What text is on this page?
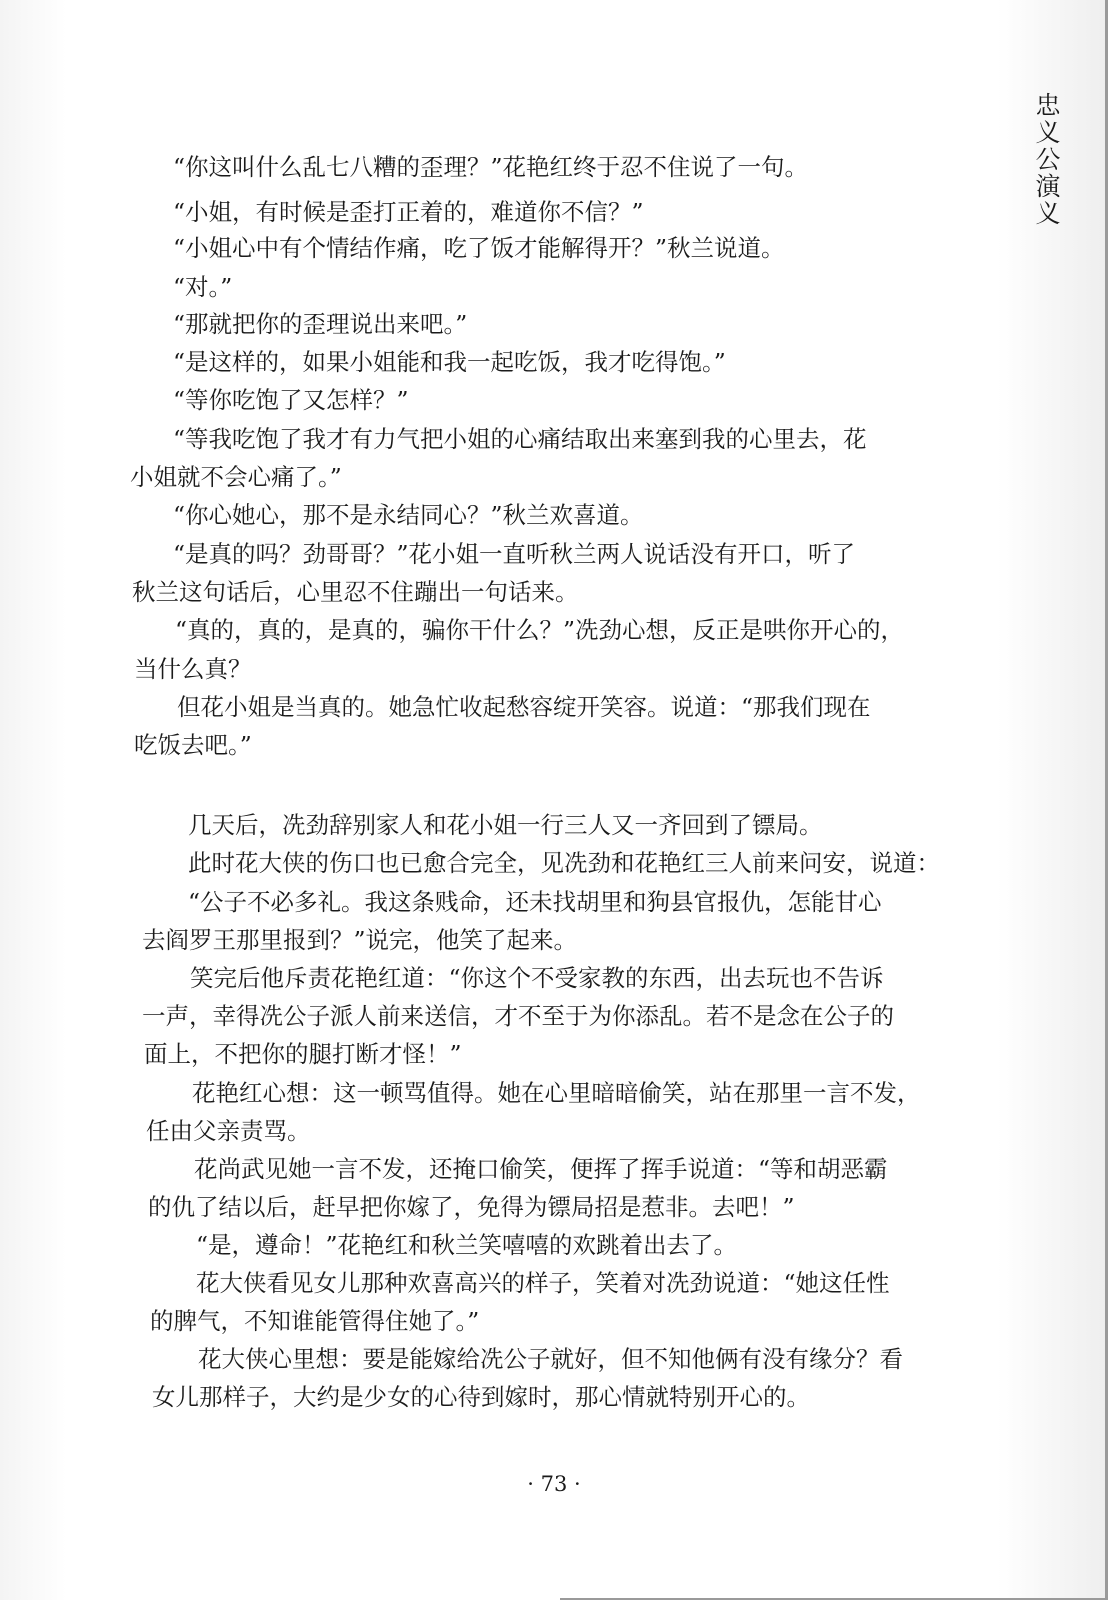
忠义公演义
“你这叫什么乱七八糟的歪理？”花艳红终于忍不住说了一句。
“小姐，有时候是歪打正着的，难道你不信？”
“小姐心中有个情结作痛，吃了饭才能解得开？”秋兰说道。
“对。”
“那就把你的歪理说出来吧。”
“是这样的，如果小姐能和我一起吃饭，我才吃得饱。”
“等你吃饱了又怎样？”
“等我吃饱了我才有力气把小姐的心痛结取出来塞到我的心里去，花
小姐就不会心痛了。”
“你心她心，那不是永结同心？”秋兰欢喜道。
“是真的吗？劲哥哥？”花小姐一直听秋兰两人说话没有开口，听了
秋兰这句话后，心里忍不住蹦出一句话来。
“真的，真的，是真的，骗你干什么？”冼劲心想，反正是哄你开心的，
当什么真？
但花小姐是当真的。她急忙收起愁容绽开笑容。说道：“那我们现在
吃饭去吧。”
几天后，冼劲辞别家人和花小姐一行三人又一齐回到了镖局。
此时花大侠的伤口也已愈合完全，见冼劲和花艳红三人前来问安，说道：
“公子不必多礼。我这条贱命，还未找胡里和狗县官报仇，怎能甘心
去阎罗王那里报到？”说完，他笑了起来。
笑完后他斥责花艳红道：“你这个不受家教的东西，出去玩也不告诉
一声，幸得冼公子派人前来送信，才不至于为你添乱。若不是念在公子的
面上，不把你的腿打断才怪！”
花艳红心想：这一顿骂值得。她在心里暗暗偷笑，站在那里一言不发，
任由父亲责骂。
花尚武见她一言不发，还掩口偷笑，便挥了挥手说道：“等和胡恶霸
的仇了结以后，赶早把你嫁了，免得为镖局招是惹非。去吧！”
“是，遵命！”花艳红和秋兰笑嘻嘻的欢跳着出去了。
花大侠看见女儿那种欢喜高兴的样子，笑着对冼劲说道：“她这任性
的脾气，不知谁能管得住她了。”
花大侠心里想：要是能嫁给冼公子就好，但不知他俩有没有缘分？看
女儿那样子，大约是少女的心待到嫁时，那心情就特别开心的。
· 73 ·
